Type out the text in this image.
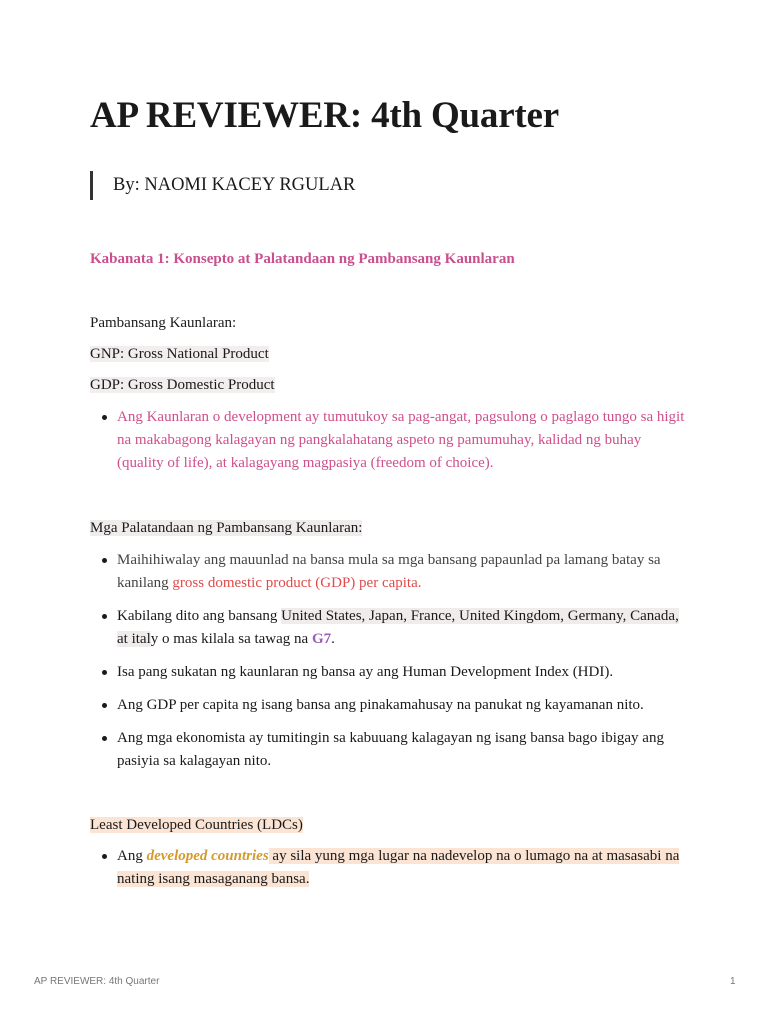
AP REVIEWER: 4th Quarter
By: NAOMI KACEY RGULAR
Kabanata 1: Konsepto at Palatandaan ng Pambansang Kaunlaran
Pambansang Kaunlaran:
GNP: Gross National Product
GDP: Gross Domestic Product
Ang Kaunlaran o development ay tumutukoy sa pag-angat, pagsulong o paglago tungo sa higit na makabagong kalagayan ng pangkalahatang aspeto ng pamumuhay, kalidad ng buhay (quality of life), at kalagayang magpasiya (freedom of choice).
Mga Palatandaan ng Pambansang Kaunlaran:
Maihihiwalay ang mauunlad na bansa mula sa mga bansang papaunlad pa lamang batay sa kanilang gross domestic product (GDP) per capita.
Kabilang dito ang bansang United States, Japan, France, United Kingdom, Germany, Canada, at italy o mas kilala sa tawag na G7.
Isa pang sukatan ng kaunlaran ng bansa ay ang Human Development Index (HDI).
Ang GDP per capita ng isang bansa ang pinakamahusay na panukat ng kayamanan nito.
Ang mga ekonomista ay tumitingin sa kabuuang kalagayan ng isang bansa bago ibigay ang pasiyia sa kalagayan nito.
Least Developed Countries (LDCs)
Ang developed countries ay sila yung mga lugar na nadevelop na o lumago na at masasabi na nating isang masaganang bansa.
AP REVIEWER: 4th Quarter	1
